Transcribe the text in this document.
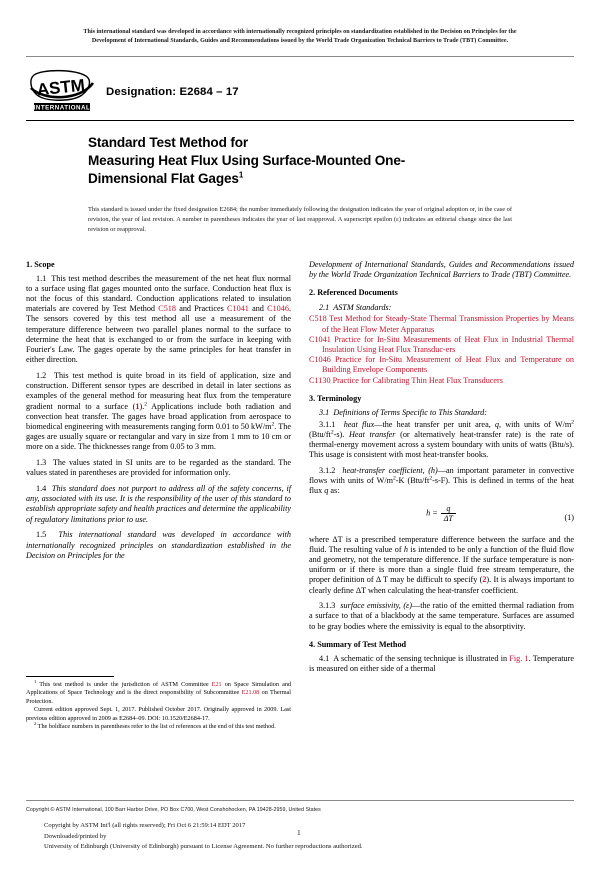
This international standard was developed in accordance with internationally recognized principles on standardization established in the Decision on Principles for the
Development of International Standards, Guides and Recommendations issued by the World Trade Organization Technical Barriers to Trade (TBT) Committee.
ASTM
INTERNATIONAL
Designation: E2684 – 17
Standard Test Method for
Measuring Heat Flux Using Surface-Mounted One-
Dimensional Flat Gages$^1$
This standard is issued under the fixed designation E2684; the number immediately following the designation indicates the year of original adoption or, in the case of revision, the year of last revision. A number in parentheses indicates the year of last reapproval. A superscript epsilon (ε) indicates an editorial change since the last revision or reapproval.
1. Scope

1.1 This test method describes the measurement of the net heat flux normal to a surface using flat gages mounted onto the surface. Conduction heat flux is not the focus of this standard. Conduction applications related to insulation materials are covered by Test Method C518 and Practices C1041 and C1046. The sensors covered by this test method all use a measurement of the temperature difference between two parallel planes normal to the surface to determine the heat that is exchanged to or from the surface in keeping with Fourier's Law. The gages operate by the same principles for heat transfer in either direction.

1.2 This test method is quite broad in its field of application, size and construction. Different sensor types are described in detail in later sections as examples of the general method for measuring heat flux from the temperature gradient normal to a surface (1).$^2$ Applications include both radiation and convection heat transfer. The gages have broad application from aerospace to biomedical engineering with measurements ranging form 0.01 to 50 $kW/m^2$. The gages are usually square or rectangular and vary in size from 1 mm to 10 cm or more on a side. The thicknesses range from 0.05 to 3 mm.

1.3 The values stated in SI units are to be regarded as the standard. The values stated in parentheses are provided for information only.

1.4 This standard does not purport to address all of the safety concerns, if any, associated with its use. It is the responsibility of the user of this standard to establish appropriate safety and health practices and determine the applicability of regulatory limitations prior to use.

1.5 This international standard was developed in accordance with internationally recognized principles on standardization established in the Decision on Principles for the

Development of International Standards, Guides and Recommendations issued by the World Trade Organization Technical Barriers to Trade (TBT) Committee.

2. Referenced Documents
2.1 ASTM Standards:
C518 Test Method for Steady-State Thermal Transmission Properties by Means of the Heat Flow Meter Apparatus
C1041 Practice for In-Situ Measurements of Heat Flux in Industrial Thermal Insulation Using Heat Flux Transduc-ers
C1046 Practice for In-Situ Measurement of Heat Flux and Temperature on Building Envelope Components
C1130 Practice for Calibrating Thin Heat Flux Transducers
3. Terminology
3.1 Definitions of Terms Specific to This Standard:

3.1.1 heat flux—the heat transfer per unit area, q, with units of $W/m^2$ $(Btu/ft^2-s)$. Heat transfer (or alternatively heat-transfer rate) is the rate of thermal-energy movement across a system boundary with units of watts (Btu/s). This usage is consistent with most heat-transfer books.

3.1.2 heat-transfer coefficient, (h)—an important parameter in convective flows with units of $W/m^2-K$ $(Btu/ft^2-s-F)$. This is defined in terms of the heat flux q as:

$h = \frac{q}{\Delta T}$	(1)

where ΔT is a prescribed temperature difference between the surface and the fluid. The resulting value of h is intended to be only a function of the fluid flow and geometry, not the temperature difference. If the surface temperature is non-uniform or if there is more than a single fluid free stream temperature, the proper definition of Δ T may be difficult to specify (2). It is always important to clearly define ΔT when calculating the heat-transfer coefficient.

3.1.3 surface emissivity, (ε)—the ratio of the emitted thermal radiation from a surface to that of a blackbody at the same temperature. Surfaces are assumed to be gray bodies where the emissivity is equal to the absorptivity.

4. Summary of Test Method

4.1 A schematic of the sensing technique is illustrated in Fig. 1. Temperature is measured on either side of a thermal

$^1$ This test method is under the jurisdiction of ASTM Committee E21 on Space Simulation and Applications of Space Technology and is the direct responsibility of Subcommittee E21.08 on Thermal Protection.

Current edition approved Sept. 1, 2017. Published October 2017. Originally approved in 2009. Last previous edition approved in 2009 as E2684–09. DOI: 10.1520/E2684-17.

$^2$ The boldface numbers in parentheses refer to the list of references at the end of this test method.

Copyright © ASTM International, 100 Barr Harbor Drive, PO Box C700, West Conshohocken, PA 19428-2959, United States
Copyright by ASTM Int'l (all rights reserved); Fri Oct 6 21:59:14 EDT 2017
Downloaded/printed by
University of Edinburgh (University of Edinburgh) pursuant to License Agreement. No further reproductions authorized.
1
